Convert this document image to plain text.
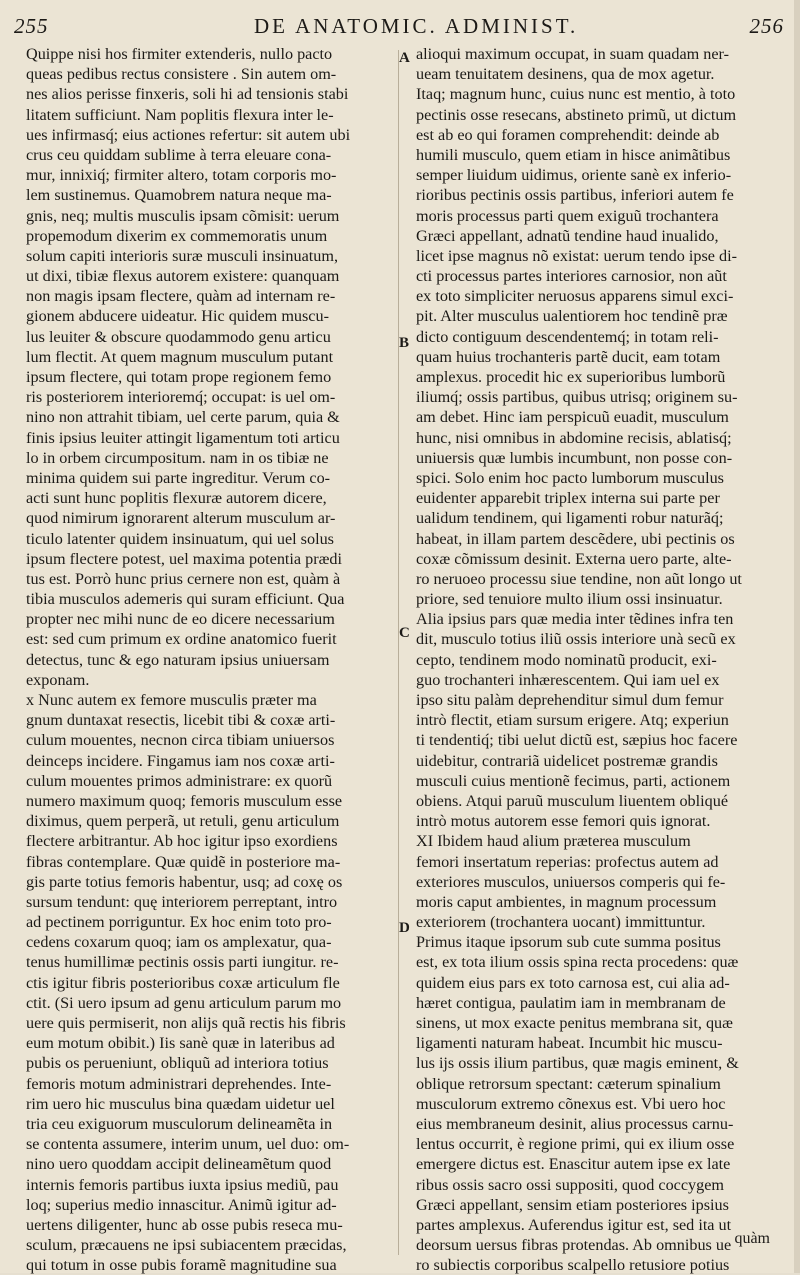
255	DE ANATOMIC. ADMINIST.	256
A
B
C
D
Quippe nisi hos firmiter extenderis, nullo pacto
queas pedibus rectus consistere . Sin autem om-
nes alios perisse finxeris, soli hi ad tensionis stabi
litatem sufficiunt. Nam poplitis flexura inter le-
ues infirmasq́; eius actiones refertur: sit autem ubi
crus ceu quiddam sublime à terra eleuare cona-
mur, innixiq́; firmiter altero, totam corporis mo-
lem sustinemus. Quamobrem natura neque ma-
gnis, neq; multis musculis ipsam cõmisit: uerum
propemodum dixerim ex commemoratis unum
solum capiti interioris suræ musculi insinuatum,
ut dixi, tibiæ flexus autorem existere: quanquam
non magis ipsam flectere, quàm ad internam re-
gionem abducere uideatur. Hic quidem muscu-
lus leuiter & obscure quodammodo genu articu
lum flectit. At quem magnum musculum putant
ipsum flectere, qui totam prope regionem femo
ris posteriorem interioremq́; occupat: is uel om-
nino non attrahit tibiam, uel certe parum, quia &
finis ipsius leuiter attingit ligamentum toti articu
lo in orbem circumpositum. nam in os tibiæ ne
minima quidem sui parte ingreditur. Verum co-
acti sunt hunc poplitis flexuræ autorem dicere,
quod nimirum ignorarent alterum musculum ar-
ticulo latenter quidem insinuatum, qui uel solus
ipsum flectere potest, uel maxima potentia prædi
tus est. Porrò hunc prius cernere non est, quàm à
tibia musculos ademeris qui suram efficiunt. Qua
propter nec mihi nunc de eo dicere necessarium
est: sed cum primum ex ordine anatomico fuerit
detectus, tunc & ego naturam ipsius uniuersam
exponam.
x Nunc autem ex femore musculis præter ma
gnum duntaxat resectis, licebit tibi & coxæ arti-
culum mouentes, necnon circa tibiam uniuersos
deinceps incidere. Fingamus iam nos coxæ arti-
culum mouentes primos administrare: ex quorũ
numero maximum quoq; femoris musculum esse
diximus, quem perperã, ut retuli, genu articulum
flectere arbitrantur. Ab hoc igitur ipso exordiens
fibras contemplare. Quæ quidẽ in posteriore ma-
gis parte totius femoris habentur, usq; ad coxę os
sursum tendunt: quę interiorem perreptant, intro
ad pectinem porriguntur. Ex hoc enim toto pro-
cedens coxarum quoq; iam os amplexatur, qua-
tenus humillimæ pectinis ossis parti iungitur. re-
ctis igitur fibris posterioribus coxæ articulum fle
ctit. (Si uero ipsum ad genu articulum parum mo
uere quis permiserit, non alijs quã rectis his fibris
eum motum obibit.) Iis sanè quæ in lateribus ad
pubis os perueniunt, obliquũ ad interiora totius
femoris motum administrari deprehendes. Inte-
rim uero hic musculus bina quædam uidetur uel
tria ceu exiguorum musculorum delineamẽta in
se contenta assumere, interim unum, uel duo: om-
nino uero quoddam accipit delineamẽtum quod
internis femoris partibus iuxta ipsius mediũ, pau
loq; superius medio innascitur. Animũ igitur ad-
uertens diligenter, hunc ab osse pubis reseca mu-
sculum, præcauens ne ipsi subiacentem præcidas,
qui totum in osse pubis foramẽ magnitudine sua
alioqui maximum occupat, in suam quadam ner-
ueam tenuitatem desinens, qua de mox agetur.
Itaq; magnum hunc, cuius nunc est mentio, à toto
pectinis osse resecans, abstineto primũ, ut dictum
est ab eo qui foramen comprehendit: deinde ab
humili musculo, quem etiam in hisce animãtibus
semper liuidum uidimus, oriente sanè ex inferio-
rioribus pectinis ossis partibus, inferiori autem fe
moris processus parti quem exiguũ trochantera
Græci appellant, adnatũ tendine haud inualido,
licet ipse magnus nõ existat: uerum tendo ipse di-
cti processus partes interiores carnosior, non aũt
ex toto simpliciter neruosus apparens simul exci-
pit. Alter musculus ualentiorem hoc tendinẽ præ
dicto contiguum descendentemq́; in totam reli-
quam huius trochanteris partẽ ducit, eam totam
amplexus. procedit hic ex superioribus lumborũ
iliumq́; ossis partibus, quibus utrisq; originem su-
am debet. Hinc iam perspicuũ euadit, musculum
hunc, nisi omnibus in abdomine recisis, ablatisq́;
uniuersis quæ lumbis incumbunt, non posse con-
spici. Solo enim hoc pacto lumborum musculus
euidenter apparebit triplex interna sui parte per
ualidum tendinem, qui ligamenti robur naturãq́;
habeat, in illam partem descẽdere, ubi pectinis os
coxæ cõmissum desinit. Externa uero parte, alte-
ro neruoeo processu siue tendine, non aũt longo ut
priore, sed tenuiore multo ilium ossi insinuatur.
Alia ipsius pars quæ media inter tẽdines infra ten
dit, musculo totius iliũ ossis interiore unà secũ ex
cepto, tendinem modo nominatũ producit, exi-
guo trochanteri inhærescentem. Qui iam uel ex
ipso situ palàm deprehenditur simul dum femur
intrò flectit, etiam sursum erigere. Atq; experiun
ti tendentiq́; tibi uelut dictũ est, sæpius hoc facere
uidebitur, contrariã uidelicet postremæ grandis
musculi cuius mentionẽ fecimus, parti, actionem
obiens. Atqui paruũ musculum liuentem obliqué
intrò motus autorem esse femori quis ignorat.
XI Ibidem haud alium præterea musculum
femori insertatum reperias: profectus autem ad
exteriores musculos, uniuersos comperis qui fe-
moris caput ambientes, in magnum processum
exteriorem (trochantera uocant) immittuntur.
Primus itaque ipsorum sub cute summa positus
est, ex tota ilium ossis spina recta procedens: quæ
quidem eius pars ex toto carnosa est, cui alia ad-
hæret contigua, paulatim iam in membranam de
sinens, ut mox exacte penitus membrana sit, quæ
ligamenti naturam habeat. Incumbit hic muscu-
lus ijs ossis ilium partibus, quæ magis eminent, &
oblique retrorsum spectant: cæterum spinalium
musculorum extremo cõnexus est. Vbi uero hoc
eius membraneum desinit, alius processus carnu-
lentus occurrit, è regione primi, qui ex ilium osse
emergere dictus est. Enascitur autem ipse ex late
ribus ossis sacro ossi suppositi, quod coccygem
Græci appellant, sensim etiam posteriores ipsius
partes amplexus. Auferendus igitur est, sed ita ut
deorsum uersus fibras protendas. Ab omnibus ue
ro subiectis corporibus scalpello retusiore potius
quàm
